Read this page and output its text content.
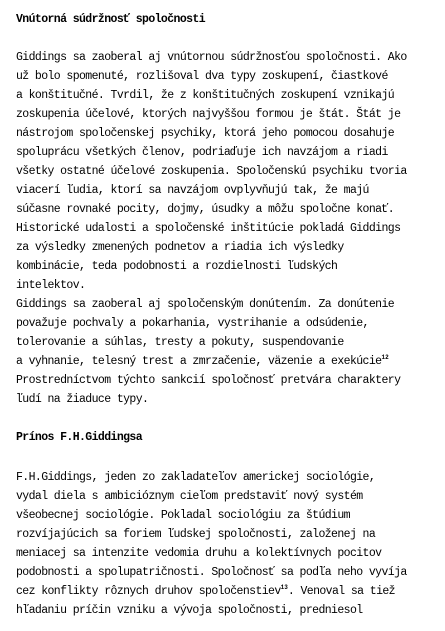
Vnútorná súdržnosť spoločnosti
Giddings sa zaoberal aj vnútornou súdržnosťou spoločnosti. Ako
už bolo spomenuté, rozlišoval dva typy zoskupení, čiastkové
a konštitučné. Tvrdil, že z konštitučných zoskupení vznikajú
zoskupenia účelové, ktorých najvyššou formou je štát. Štát je
nástrojom spoločenskej psychiky, ktorá jeho pomocou dosahuje
spoluprácu všetkých členov, podriaďuje ich navzájom a riadi
všetky ostatné účelové zoskupenia. Spoločenskú psychiku tvoria
viacerí ľudia, ktorí sa navzájom ovplyvňujú tak, že majú
súčasne rovnaké pocity, dojmy, úsudky a môžu spoločne konať.
Historické udalosti a spoločenské inštitúcie pokladá Giddings
za výsledky zmenených podnetov a riadia ich výsledky
kombinácie, teda podobnosti a rozdielnosti ľudských
intelektov.
Giddings sa zaoberal aj spoločenským donútením. Za donútenie
považuje pochvaly a pokarhania, vystrihanie a odsúdenie,
tolerovanie a súhlas, tresty a pokuty, suspendovanie
a vyhnanie, telesný trest a zmrzačenie, väzenie a exekúcie$^{12}$
Prostredníctvom týchto sankcií spoločnosť pretvára charaktery
ľudí na žiaduce typy.
Prínos F.H.Giddingsa
F.H.Giddings, jeden zo zakladateľov americkej sociológie,
vydal diela s ambicióznym cieľom predstaviť nový systém
všeobecnej sociológie. Pokladal sociológiu za štúdium
rozvíjajúcich sa foriem ľudskej spoločnosti, založenej na
meniacej sa intenzite vedomia druhu a kolektívnych pocitov
podobnosti a spolupatričnosti. Spoločnosť sa podľa neho vyvíja
cez konflikty rôznych druhov spoločenstiev$^{13}$. Venoval sa tiež
hľadaniu príčin vzniku a vývoja spoločnosti, predniesol
